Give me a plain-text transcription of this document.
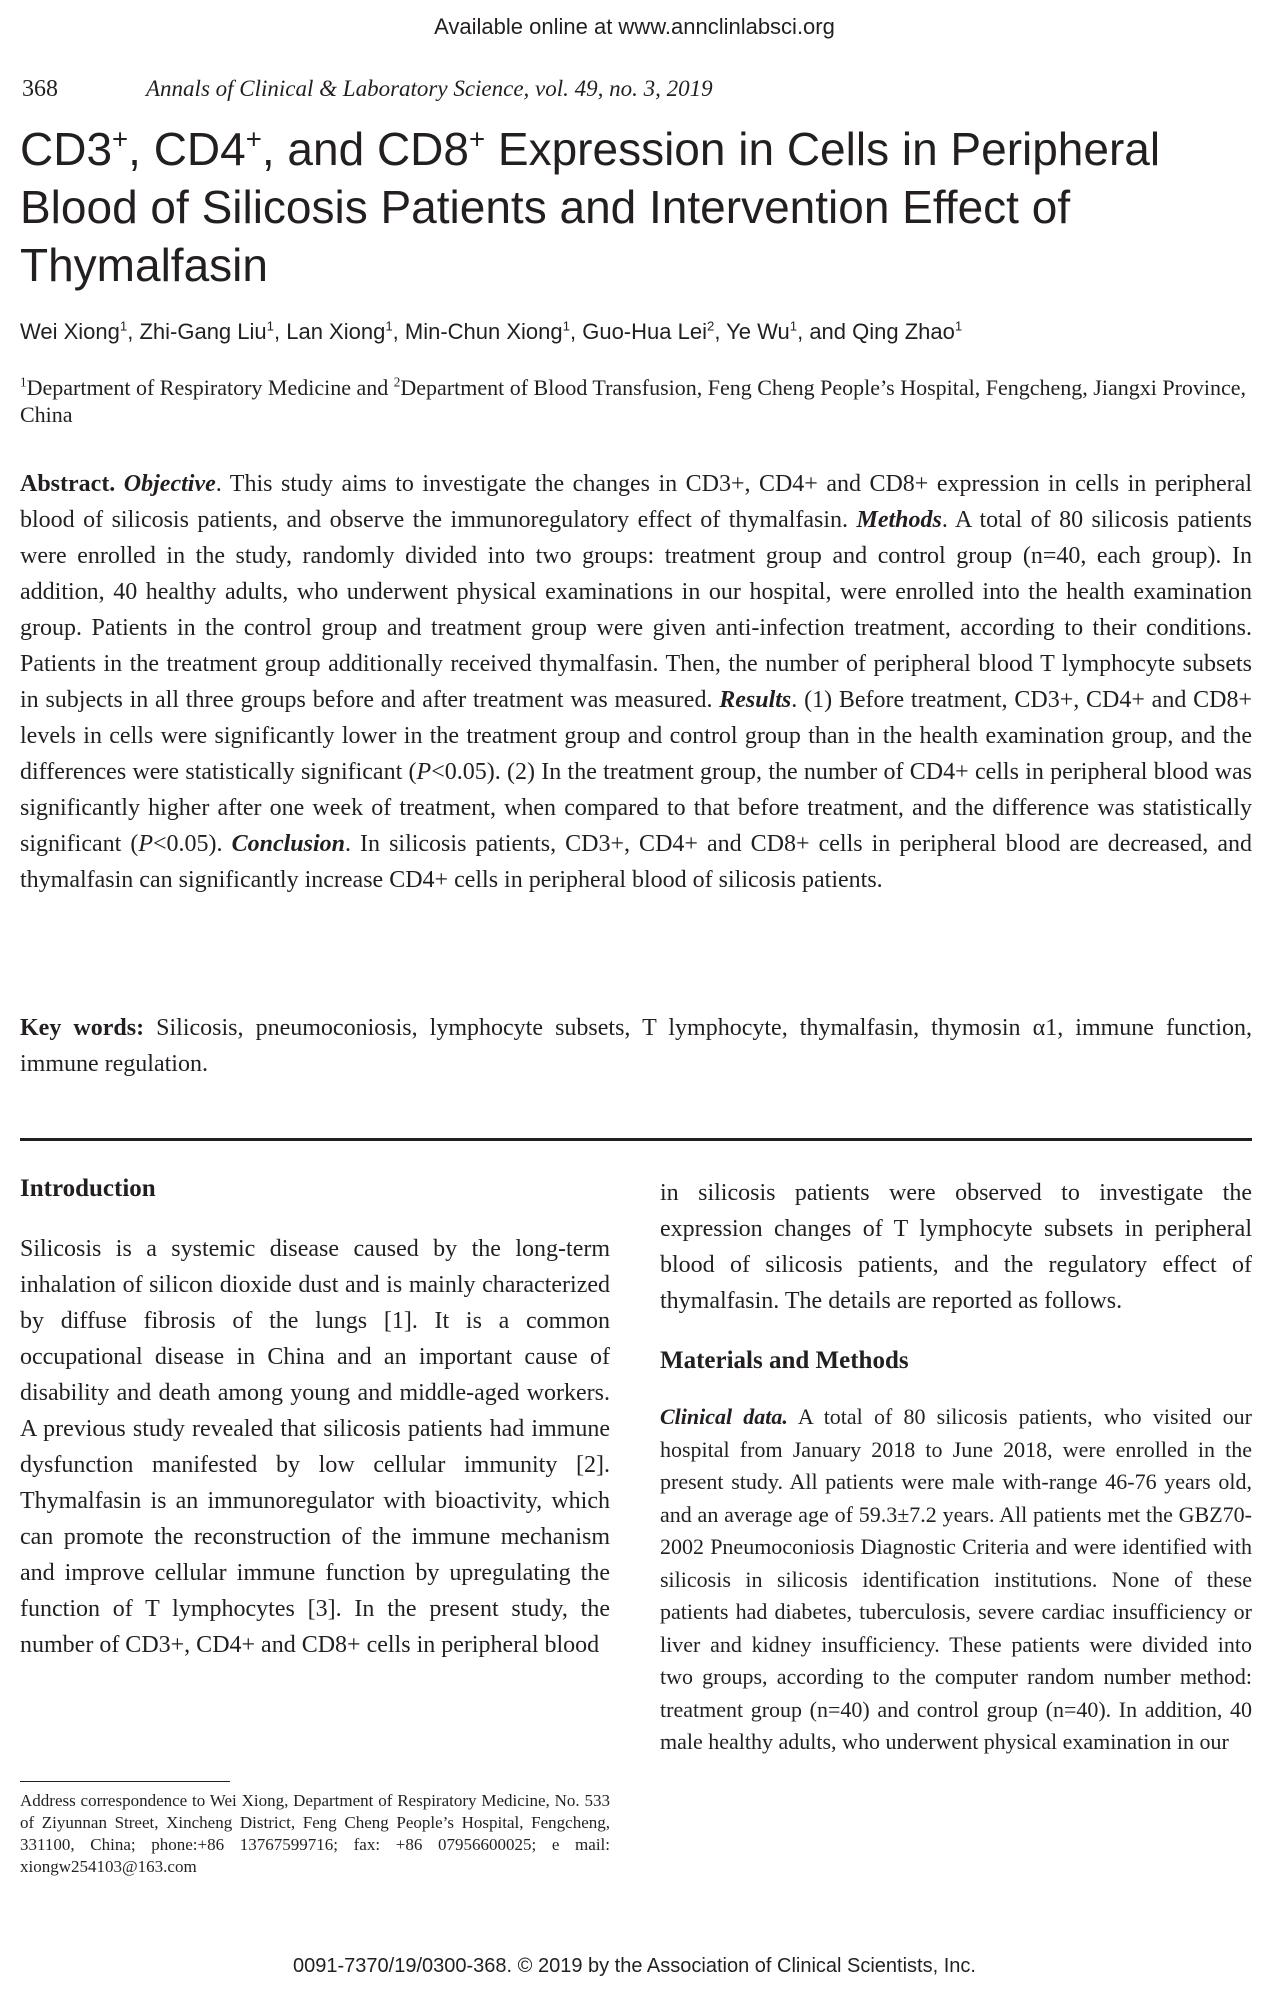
Available online at www.annclinlabsci.org
368	Annals of Clinical & Laboratory Science, vol. 49, no. 3, 2019
CD3+, CD4+, and CD8+ Expression in Cells in Peripheral Blood of Silicosis Patients and Intervention Effect of Thymalfasin
Wei Xiong$^1$, Zhi-Gang Liu$^1$, Lan Xiong$^1$, Min-Chun Xiong$^1$, Guo-Hua Lei$^2$, Ye Wu$^1$, and Qing Zhao$^1$
$^1$Department of Respiratory Medicine and $^2$Department of Blood Transfusion, Feng Cheng People’s Hospital, Fengcheng, Jiangxi Province, China
Abstract. Objective. This study aims to investigate the changes in CD3+, CD4+ and CD8+ expression in cells in peripheral blood of silicosis patients, and observe the immunoregulatory effect of thymalfasin. Methods. A total of 80 silicosis patients were enrolled in the study, randomly divided into two groups: treatment group and control group (n=40, each group). In addition, 40 healthy adults, who underwent physical examinations in our hospital, were enrolled into the health examination group. Patients in the control group and treatment group were given anti-infection treatment, according to their conditions. Patients in the treatment group additionally received thymalfasin. Then, the number of peripheral blood T lymphocyte subsets in subjects in all three groups before and after treatment was measured. Results. (1) Before treatment, CD3+, CD4+ and CD8+ levels in cells were significantly lower in the treatment group and control group than in the health examination group, and the differences were statistically significant (P<0.05). (2) In the treatment group, the number of CD4+ cells in peripheral blood was significantly higher after one week of treatment, when compared to that before treatment, and the difference was statistically significant (P<0.05). Conclusion. In silicosis patients, CD3+, CD4+ and CD8+ cells in peripheral blood are decreased, and thymalfasin can significantly increase CD4+ cells in peripheral blood of silicosis patients.
Key words: Silicosis, pneumoconiosis, lymphocyte subsets, T lymphocyte, thymalfasin, thymosin α1, immune function, immune regulation.
Introduction
Silicosis is a systemic disease caused by the long-term inhalation of silicon dioxide dust and is mainly characterized by diffuse fibrosis of the lungs [1]. It is a common occupational disease in China and an important cause of disability and death among young and middle-aged workers. A previous study revealed that silicosis patients had immune dysfunction manifested by low cellular immunity [2]. Thymalfasin is an immunoregulator with bioactivity, which can promote the reconstruction of the immune mechanism and improve cellular immune function by upregulating the function of T lymphocytes [3]. In the present study, the number of CD3+, CD4+ and CD8+ cells in peripheral blood
Address correspondence to Wei Xiong, Department of Respiratory Medicine, No. 533 of Ziyunnan Street, Xincheng District, Feng Cheng People’s Hospital, Fengcheng, 331100, China; phone:+86 13767599716; fax: +86 07956600025; e mail: xiongw254103@163.com
in silicosis patients were observed to investigate the expression changes of T lymphocyte subsets in peripheral blood of silicosis patients, and the regulatory effect of thymalfasin. The details are reported as follows.
Materials and Methods
Clinical data. A total of 80 silicosis patients, who visited our hospital from January 2018 to June 2018, were enrolled in the present study. All patients were male with-range 46-76 years old, and an average age of 59.3±7.2 years. All patients met the GBZ70-2002 Pneumoconiosis Diagnostic Criteria and were identified with silicosis in silicosis identification institutions. None of these patients had diabetes, tuberculosis, severe cardiac insufficiency or liver and kidney insufficiency. These patients were divided into two groups, according to the computer random number method: treatment group (n=40) and control group (n=40). In addition, 40 male healthy adults, who underwent physical examination in our
0091-7370/19/0300-368. © 2019 by the Association of Clinical Scientists, Inc.
